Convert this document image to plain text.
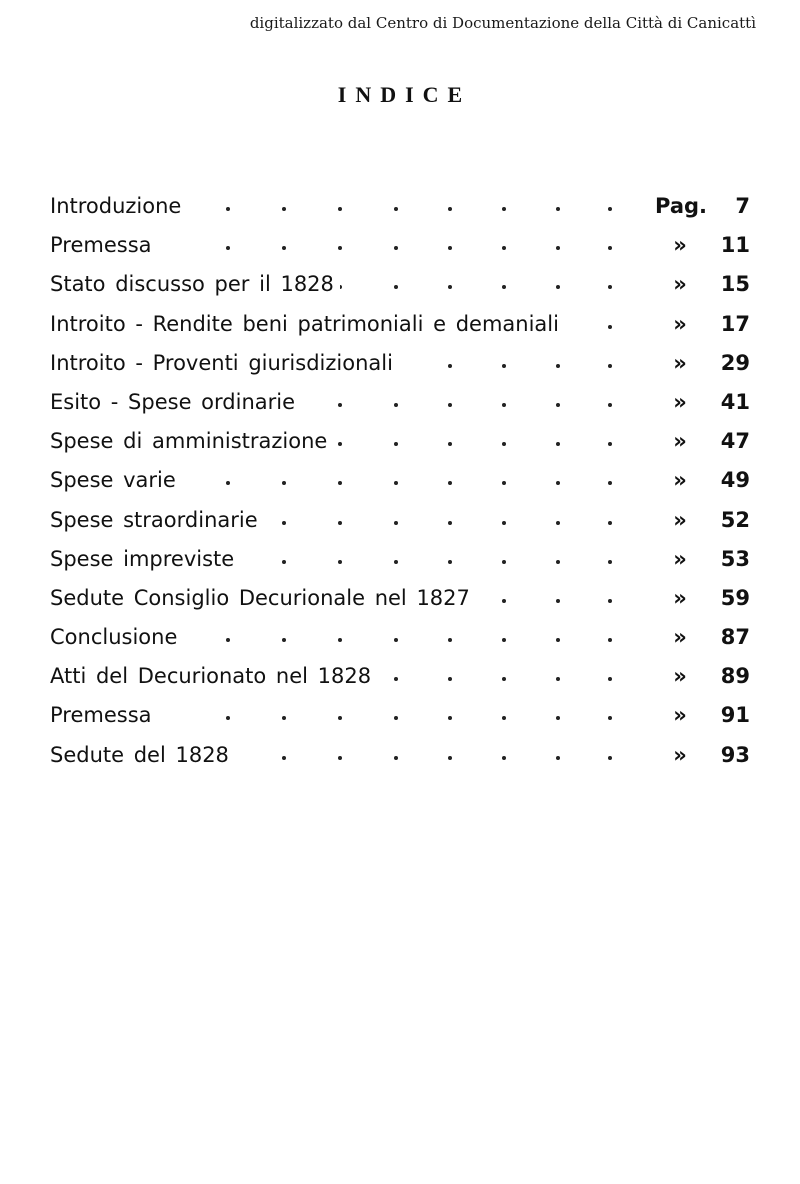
digitalizzato dal Centro di Documentazione della Città di Canicattì
INDICE
Introduzione	Pag. 7
Premessa	»	11
Stato discusso per il 1828	»	15
Introito - Rendite beni patrimoniali e demaniali	»	17
Introito - Proventi giurisdizionali	»	29
Esito - Spese ordinarie	»	41
Spese di amministrazione	»	47
Spese varie	»	49
Spese straordinarie	»	52
Spese impreviste	»	53
Sedute Consiglio Decurionale nel 1827	»	59
Conclusione	»	87
Atti del Decurionato nel 1828	»	89
Premessa	»	91
Sedute del 1828	»	93
